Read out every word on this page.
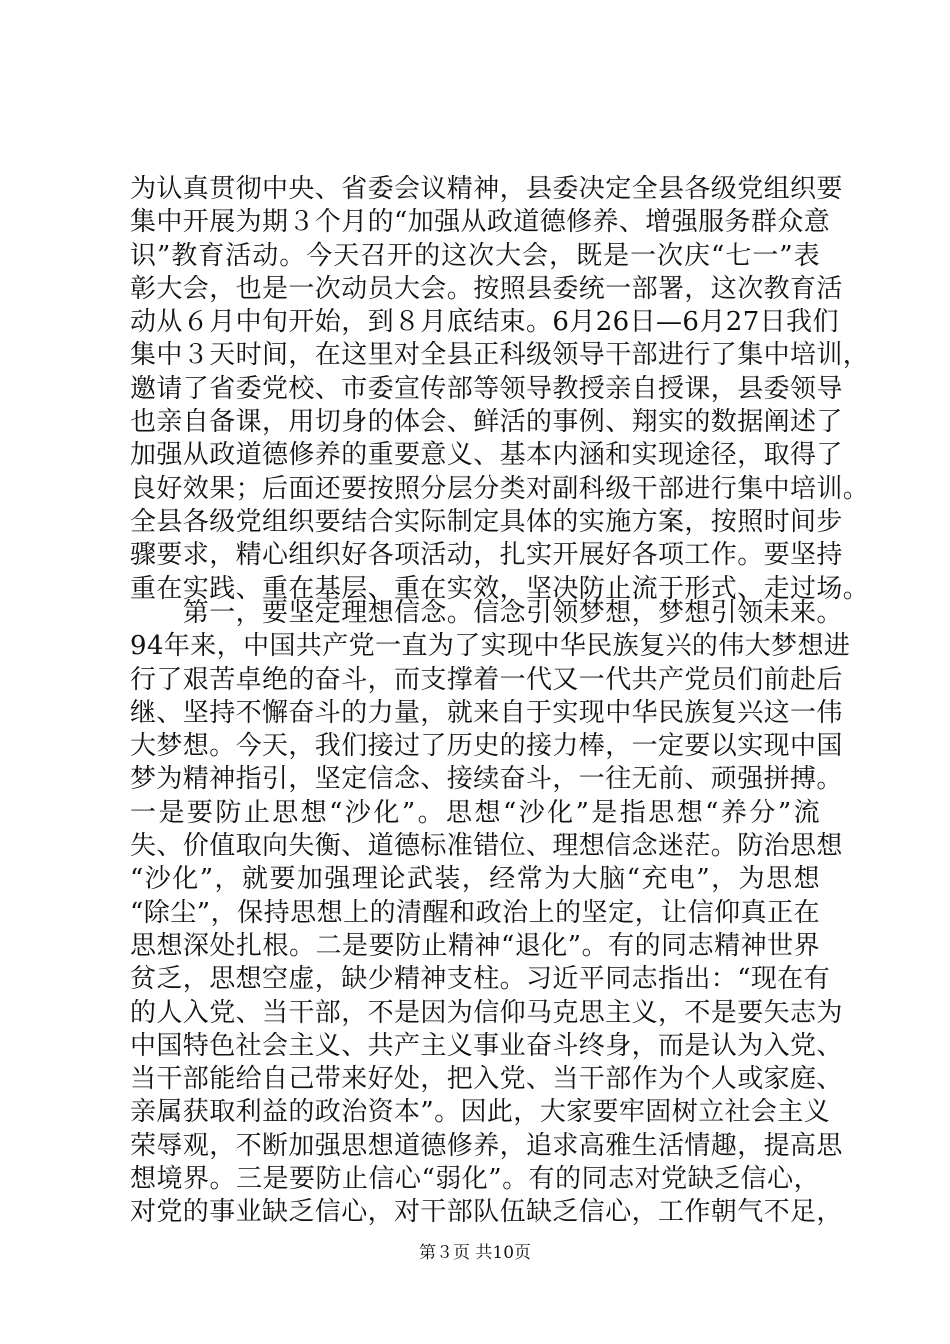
为认真贯彻中央、省委会议精神，县委决定全县各级党组织要
集中开展为期３个月的“加强从政道德修养、增强服务群众意
识”教育活动。今天召开的这次大会，既是一次庆“七一”表
彰大会，也是一次动员大会。按照县委统一部署，这次教育活
动从６月中旬开始，到８月底结束。6月26日—6月27日我们
集中３天时间，在这里对全县正科级领导干部进行了集中培训，
邀请了省委党校、市委宣传部等领导教授亲自授课，县委领导
也亲自备课，用切身的体会、鲜活的事例、翔实的数据阐述了
加强从政道德修养的重要意义、基本内涵和实现途径，取得了
良好效果；后面还要按照分层分类对副科级干部进行集中培训。
全县各级党组织要结合实际制定具体的实施方案，按照时间步
骤要求，精心组织好各项活动，扎实开展好各项工作。要坚持
重在实践、重在基层、重在实效，坚决防止流于形式、走过场。
　　第一，要坚定理想信念。信念引领梦想，梦想引领未来。
94年来，中国共产党一直为了实现中华民族复兴的伟大梦想进
行了艰苦卓绝的奋斗，而支撑着一代又一代共产党员们前赴后
继、坚持不懈奋斗的力量，就来自于实现中华民族复兴这一伟
大梦想。今天，我们接过了历史的接力棒，一定要以实现中国
梦为精神指引，坚定信念、接续奋斗，一往无前、顽强拼搏。
一是要防止思想“沙化”。思想“沙化”是指思想“养分”流
失、价值取向失衡、道德标准错位、理想信念迷茫。防治思想
“沙化”，就要加强理论武装，经常为大脑“充电”，为思想
“除尘”，保持思想上的清醒和政治上的坚定，让信仰真正在
思想深处扎根。二是要防止精神“退化”。有的同志精神世界
贫乏，思想空虚，缺少精神支柱。习近平同志指出：“现在有
的人入党、当干部，不是因为信仰马克思主义，不是要矢志为
中国特色社会主义、共产主义事业奋斗终身，而是认为入党、
当干部能给自己带来好处，把入党、当干部作为个人或家庭、
亲属获取利益的政治资本”。因此，大家要牢固树立社会主义
荣辱观，不断加强思想道德修养，追求高雅生活情趣，提高思
想境界。三是要防止信心“弱化”。有的同志对党缺乏信心，
对党的事业缺乏信心，对干部队伍缺乏信心，工作朝气不足，
第３页 共10页
